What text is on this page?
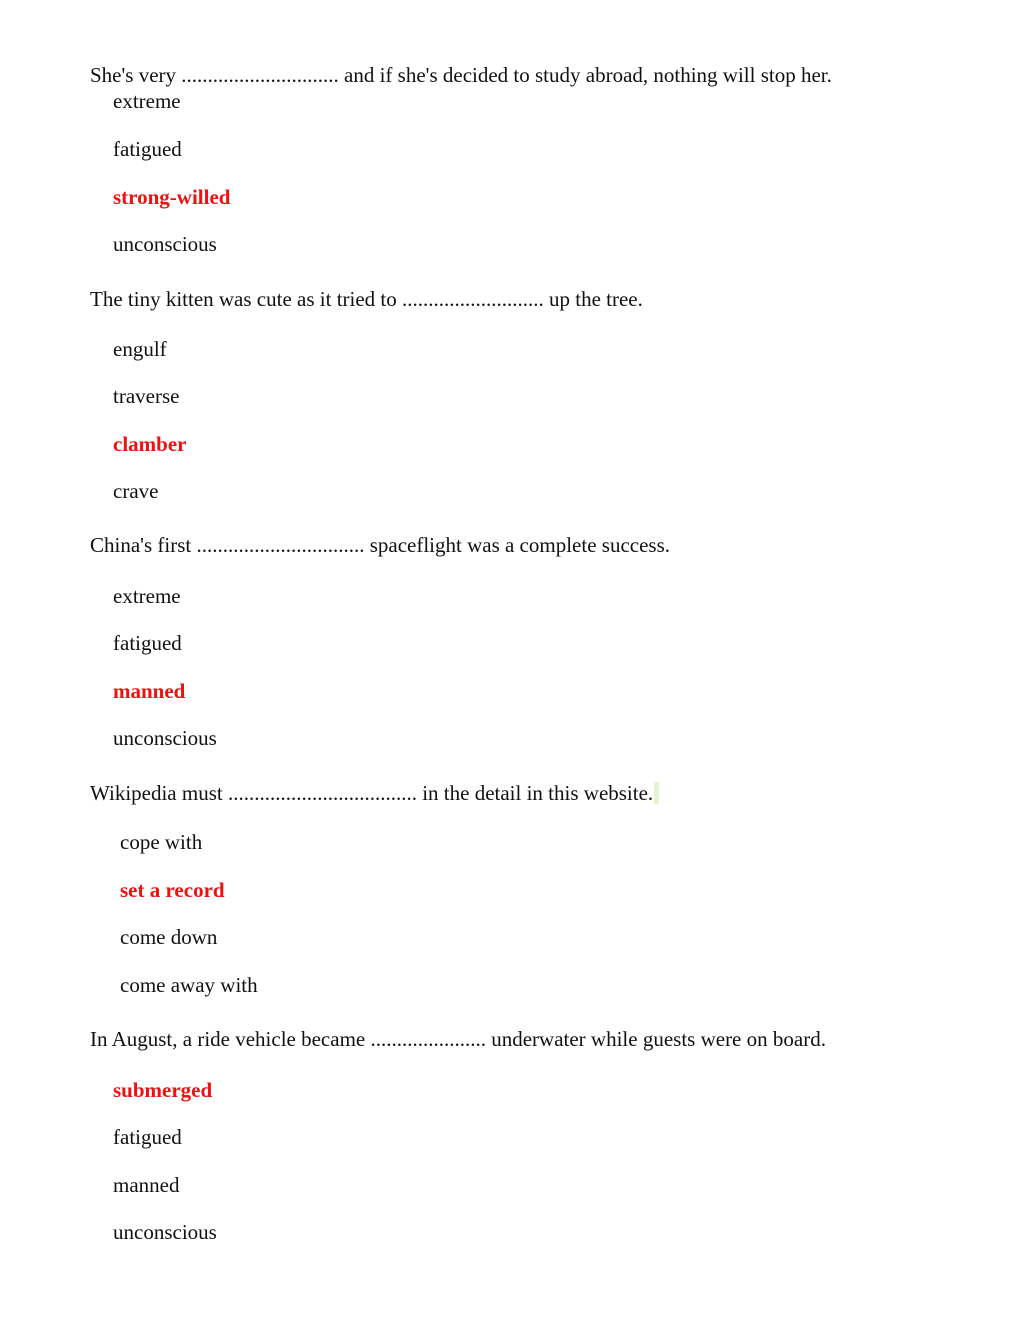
She's very .............................. and if she's decided to study abroad, nothing will stop her.
extreme
fatigued
strong-willed
unconscious
The tiny kitten was cute as it tried to ........................... up the tree.
engulf
traverse
clamber
crave
China's first ................................ spaceflight was a complete success.
extreme
fatigued
manned
unconscious
Wikipedia must .................................... in the detail in this website.
cope with
set a record
come down
come away with
In August, a ride vehicle became ...................... underwater while guests were on board.
submerged
fatigued
manned
unconscious
